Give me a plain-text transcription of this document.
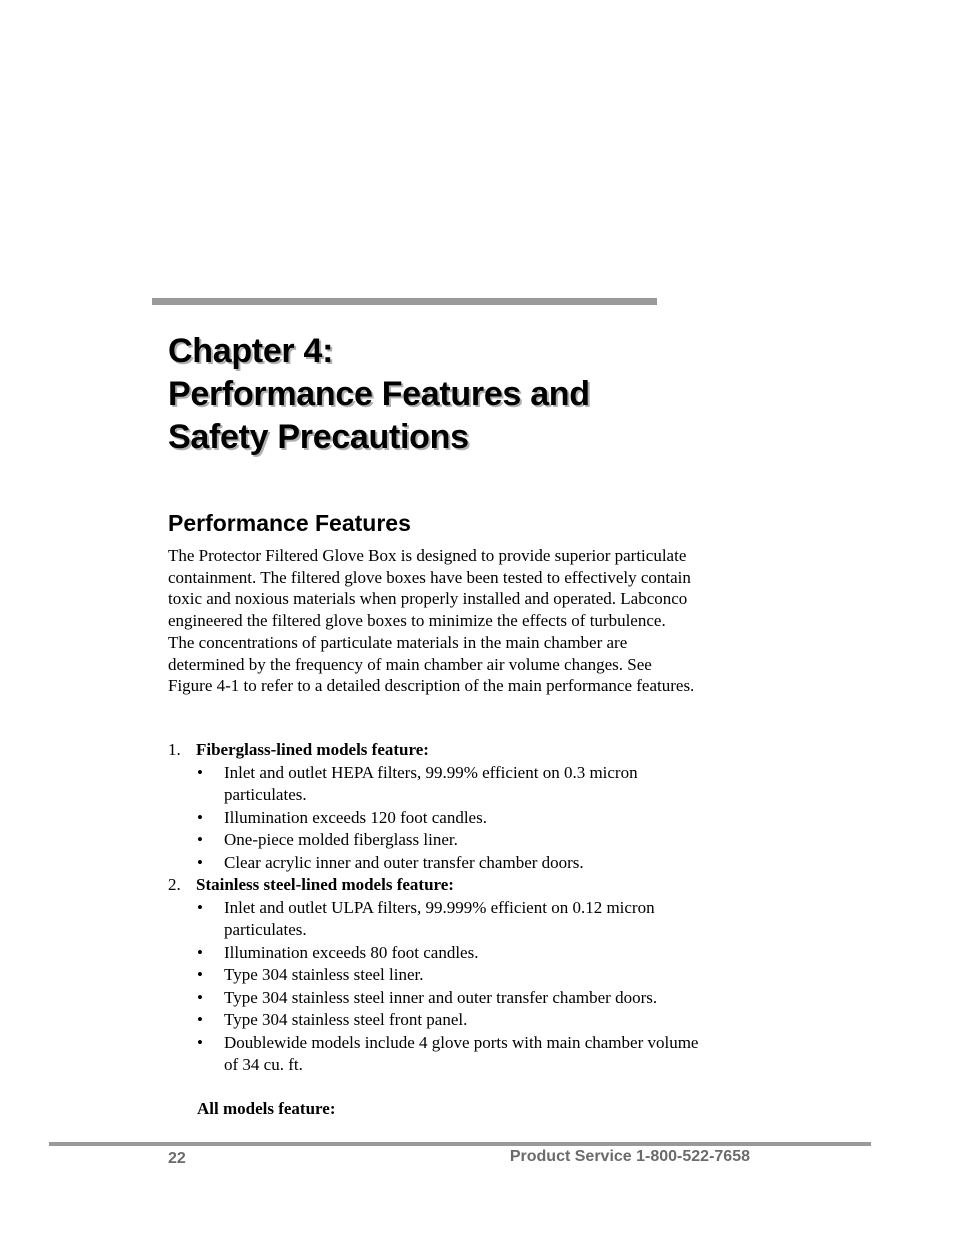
Chapter 4:
Performance Features and
Safety Precautions
Performance Features

The Protector Filtered Glove Box is designed to provide superior particulate
containment. The filtered glove boxes have been tested to effectively contain
toxic and noxious materials when properly installed and operated. Labconco
engineered the filtered glove boxes to minimize the effects of turbulence.
The concentrations of particulate materials in the main chamber are
determined by the frequency of main chamber air volume changes. See
Figure 4-1 to refer to a detailed description of the main performance features.

1. Fiberglass-lined models feature:
•	Inlet and outlet HEPA filters, 99.99% efficient on 0.3 micron
particulates.
•	Illumination exceeds 120 foot candles.
•	One-piece molded fiberglass liner.
•	Clear acrylic inner and outer transfer chamber doors.
2. Stainless steel-lined models feature:
•	Inlet and outlet ULPA filters, 99.999% efficient on 0.12 micron
particulates.
•	Illumination exceeds 80 foot candles.
•	Type 304 stainless steel liner.
•	Type 304 stainless steel inner and outer transfer chamber doors.
•	Type 304 stainless steel front panel.
•	Doublewide models include 4 glove ports with main chamber volume
of 34 cu. ft.

All models feature:

22	Product Service 1-800-522-7658
